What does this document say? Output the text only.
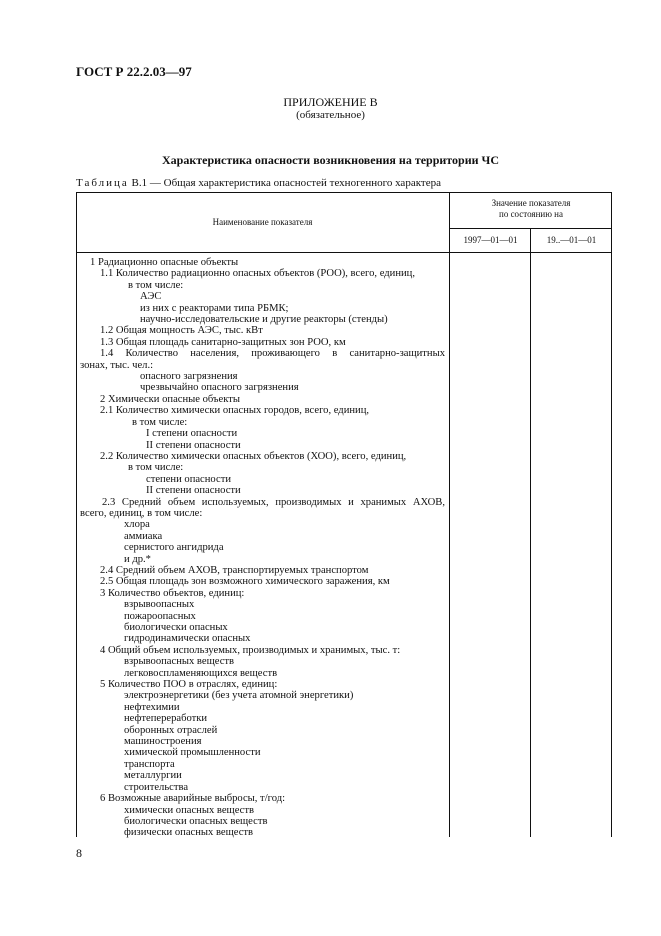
ГОСТ Р 22.2.03—97
ПРИЛОЖЕНИЕ В
(обязательное)
Характеристика опасности возникновения на территории ЧС
Таблица В.1 — Общая характеристика опасностей техногенного характера
Наименование показателя
Значение показателя
по состоянию на
1997—01—01	19..—01—01
1 Радиационно опасные объекты
1.1 Количество радиационно опасных объектов (РОО), всего, единиц,
в том числе:
АЭС
из них с реакторами типа РБМК;
научно-исследовательские и другие реакторы (стенды)
1.2 Общая мощность АЭС, тыс. кВт
1.3 Общая площадь санитарно-защитных зон РОО, км
1.4 Количество населения, проживающего в санитарно-защитных
зонах, тыс. чел.:
опасного загрязнения
чрезвычайно опасного загрязнения
2 Химически опасные объекты
2.1 Количество химически опасных городов, всего, единиц,
в том числе:
I степени опасности
II степени опасности
2.2 Количество химически опасных объектов (ХОО), всего, единиц,
в том числе:
степени опасности
II степени опасности
2.3 Средний объем используемых, производимых и хранимых АХОВ,
всего, единиц, в том числе:
хлора
аммиака
сернистого ангидрида
и др.*
2.4 Средний объем АХОВ, транспортируемых транспортом
2.5 Общая площадь зон возможного химического заражения, км
3 Количество объектов, единиц:
взрывоопасных
пожароопасных
биологически опасных
гидродинамически опасных
4 Общий объем используемых, производимых и хранимых, тыс. т:
взрывоопасных веществ
легковоспламеняющихся веществ
5 Количество ПОО в отраслях, единиц:
электроэнергетики (без учета атомной энергетики)
нефтехимии
нефтепереработки
оборонных отраслей
машиностроения
химической промышленности
транспорта
металлургии
строительства
6 Возможные аварийные выбросы, т/год:
химически опасных веществ
биологически опасных веществ
физически опасных веществ
8
